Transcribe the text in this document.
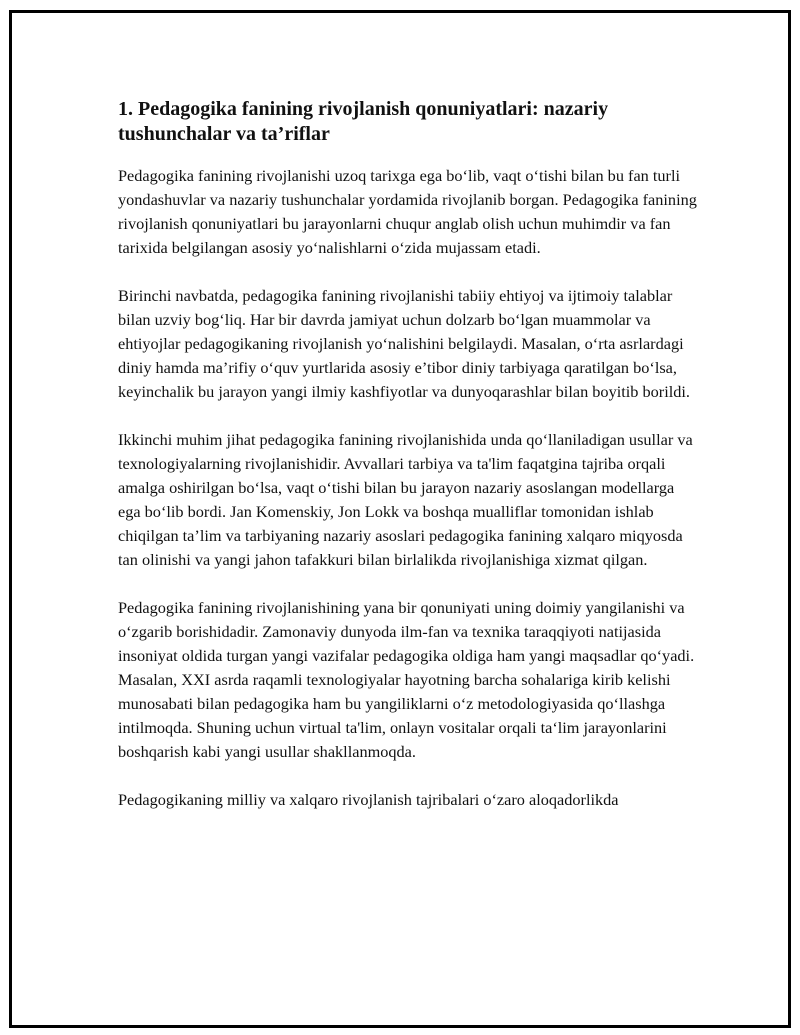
1. Pedagogika fanining rivojlanish qonuniyatlari: nazariy tushunchalar va ta’riflar

Pedagogika fanining rivojlanishi uzoq tarixga ega bo‘lib, vaqt o‘tishi bilan bu fan turli yondashuvlar va nazariy tushunchalar yordamida rivojlanib borgan. Pedagogika fanining rivojlanish qonuniyatlari bu jarayonlarni chuqur anglab olish uchun muhimdir va fan tarixida belgilangan asosiy yo‘nalishlarni o‘zida mujassam etadi.

Birinchi navbatda, pedagogika fanining rivojlanishi tabiiy ehtiyoj va ijtimoiy talablar bilan uzviy bog‘liq. Har bir davrda jamiyat uchun dolzarb bo‘lgan muammolar va ehtiyojlar pedagogikaning rivojlanish yo‘nalishini belgilaydi. Masalan, o‘rta asrlardagi diniy hamda ma’rifiy o‘quv yurtlarida asosiy e’tibor diniy tarbiyaga qaratilgan bo‘lsa, keyinchalik bu jarayon yangi ilmiy kashfiyotlar va dunyoqarashlar bilan boyitib borildi.

Ikkinchi muhim jihat pedagogika fanining rivojlanishida unda qo‘llaniladigan usullar va texnologiyalarning rivojlanishidir. Avvallari tarbiya va ta'lim faqatgina tajriba orqali amalga oshirilgan bo‘lsa, vaqt o‘tishi bilan bu jarayon nazariy asoslangan modellarga ega bo‘lib bordi. Jan Komenskiy, Jon Lokk va boshqa mualliflar tomonidan ishlab chiqilgan ta’lim va tarbiyaning nazariy asoslari pedagogika fanining xalqaro miqyosda tan olinishi va yangi jahon tafakkuri bilan birlalikda rivojlanishiga xizmat qilgan.

Pedagogika fanining rivojlanishining yana bir qonuniyati uning doimiy yangilanishi va o‘zgarib borishidadir. Zamonaviy dunyoda ilm-fan va texnika taraqqiyoti natijasida insoniyat oldida turgan yangi vazifalar pedagogika oldiga ham yangi maqsadlar qo‘yadi. Masalan, XXI asrda raqamli texnologiyalar hayotning barcha sohalariga kirib kelishi munosabati bilan pedagogika ham bu yangiliklarni o‘z metodologiyasida qo‘llashga intilmoqda. Shuning uchun virtual ta'lim, onlayn vositalar orqali ta‘lim jarayonlarini boshqarish kabi yangi usullar shakllanmoqda.

Pedagogikaning milliy va xalqaro rivojlanish tajribalari o‘zaro aloqadorlikda
